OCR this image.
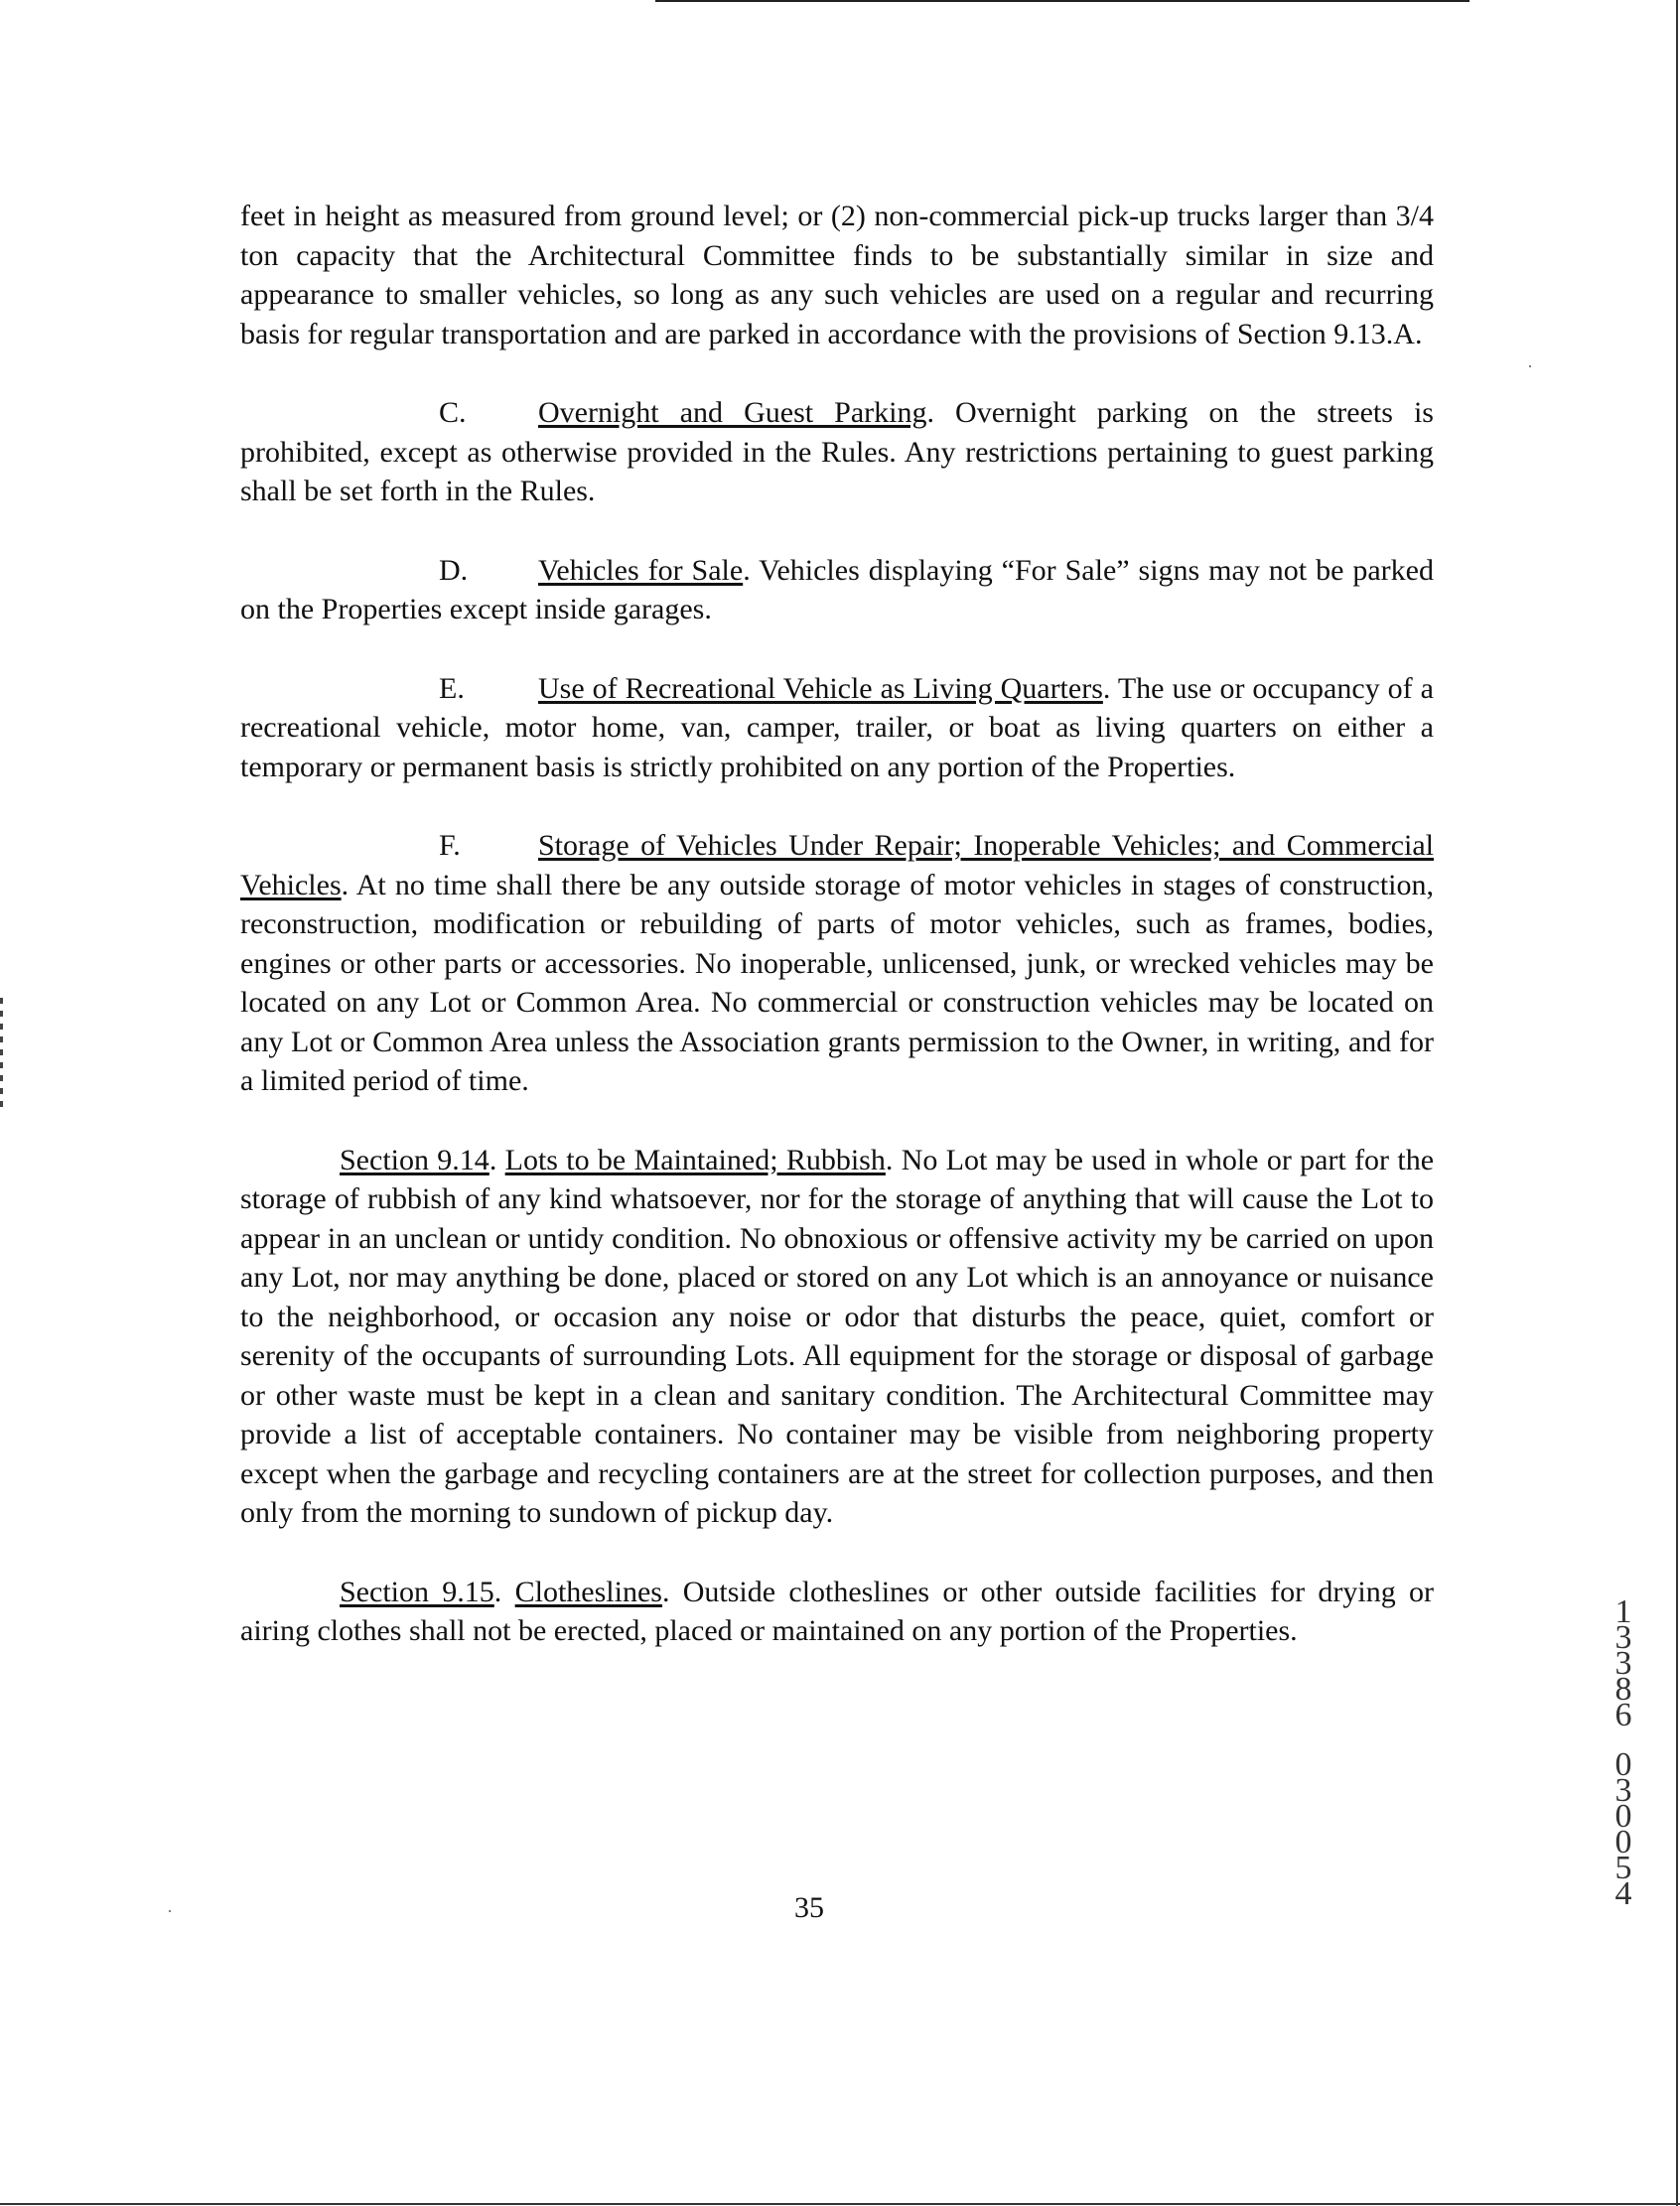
feet in height as measured from ground level; or (2) non-commercial pick-up trucks larger than 3/4 ton capacity that the Architectural Committee finds to be substantially similar in size and appearance to smaller vehicles, so long as any such vehicles are used on a regular and recurring basis for regular transportation and are parked in accordance with the provisions of Section 9.13.A.

C. Overnight and Guest Parking. Overnight parking on the streets is prohibited, except as otherwise provided in the Rules. Any restrictions pertaining to guest parking shall be set forth in the Rules.

D. Vehicles for Sale. Vehicles displaying “For Sale” signs may not be parked on the Properties except inside garages.

E. Use of Recreational Vehicle as Living Quarters. The use or occupancy of a recreational vehicle, motor home, van, camper, trailer, or boat as living quarters on either a temporary or permanent basis is strictly prohibited on any portion of the Properties.

F.	Storage of Vehicles Under Repair; Inoperable Vehicles; and Commercial Vehicles. At no time shall there be any outside storage of motor vehicles in stages of construction, reconstruction, modification or rebuilding of parts of motor vehicles, such as frames, bodies, engines or other parts or accessories. No inoperable, unlicensed, junk, or wrecked vehicles may be located on any Lot or Common Area. No commercial or construction vehicles may be located on any Lot or Common Area unless the Association grants permission to the Owner, in writing, and for a limited period of time.

Section 9.14. Lots to be Maintained; Rubbish. No Lot may be used in whole or part for the storage of rubbish of any kind whatsoever, nor for the storage of anything that will cause the Lot to appear in an unclean or untidy condition. No obnoxious or offensive activity my be carried on upon any Lot, nor may anything be done, placed or stored on any Lot which is an annoyance or nuisance to the neighborhood, or occasion any noise or odor that disturbs the peace, quiet, comfort or serenity of the occupants of surrounding Lots. All equipment for the storage or disposal of garbage or other waste must be kept in a clean and sanitary condition. The Architectural Committee may provide a list of acceptable containers. No container may be visible from neighboring property except when the garbage and recycling containers are at the street for collection purposes, and then only from the morning to sundown of pickup day.

Section 9.15. Clotheslines. Outside clotheslines or other outside facilities for drying or airing clothes shall not be erected, placed or maintained on any portion of the Properties.

35
1 3 3 8 6 0 3 0 0 5 4
